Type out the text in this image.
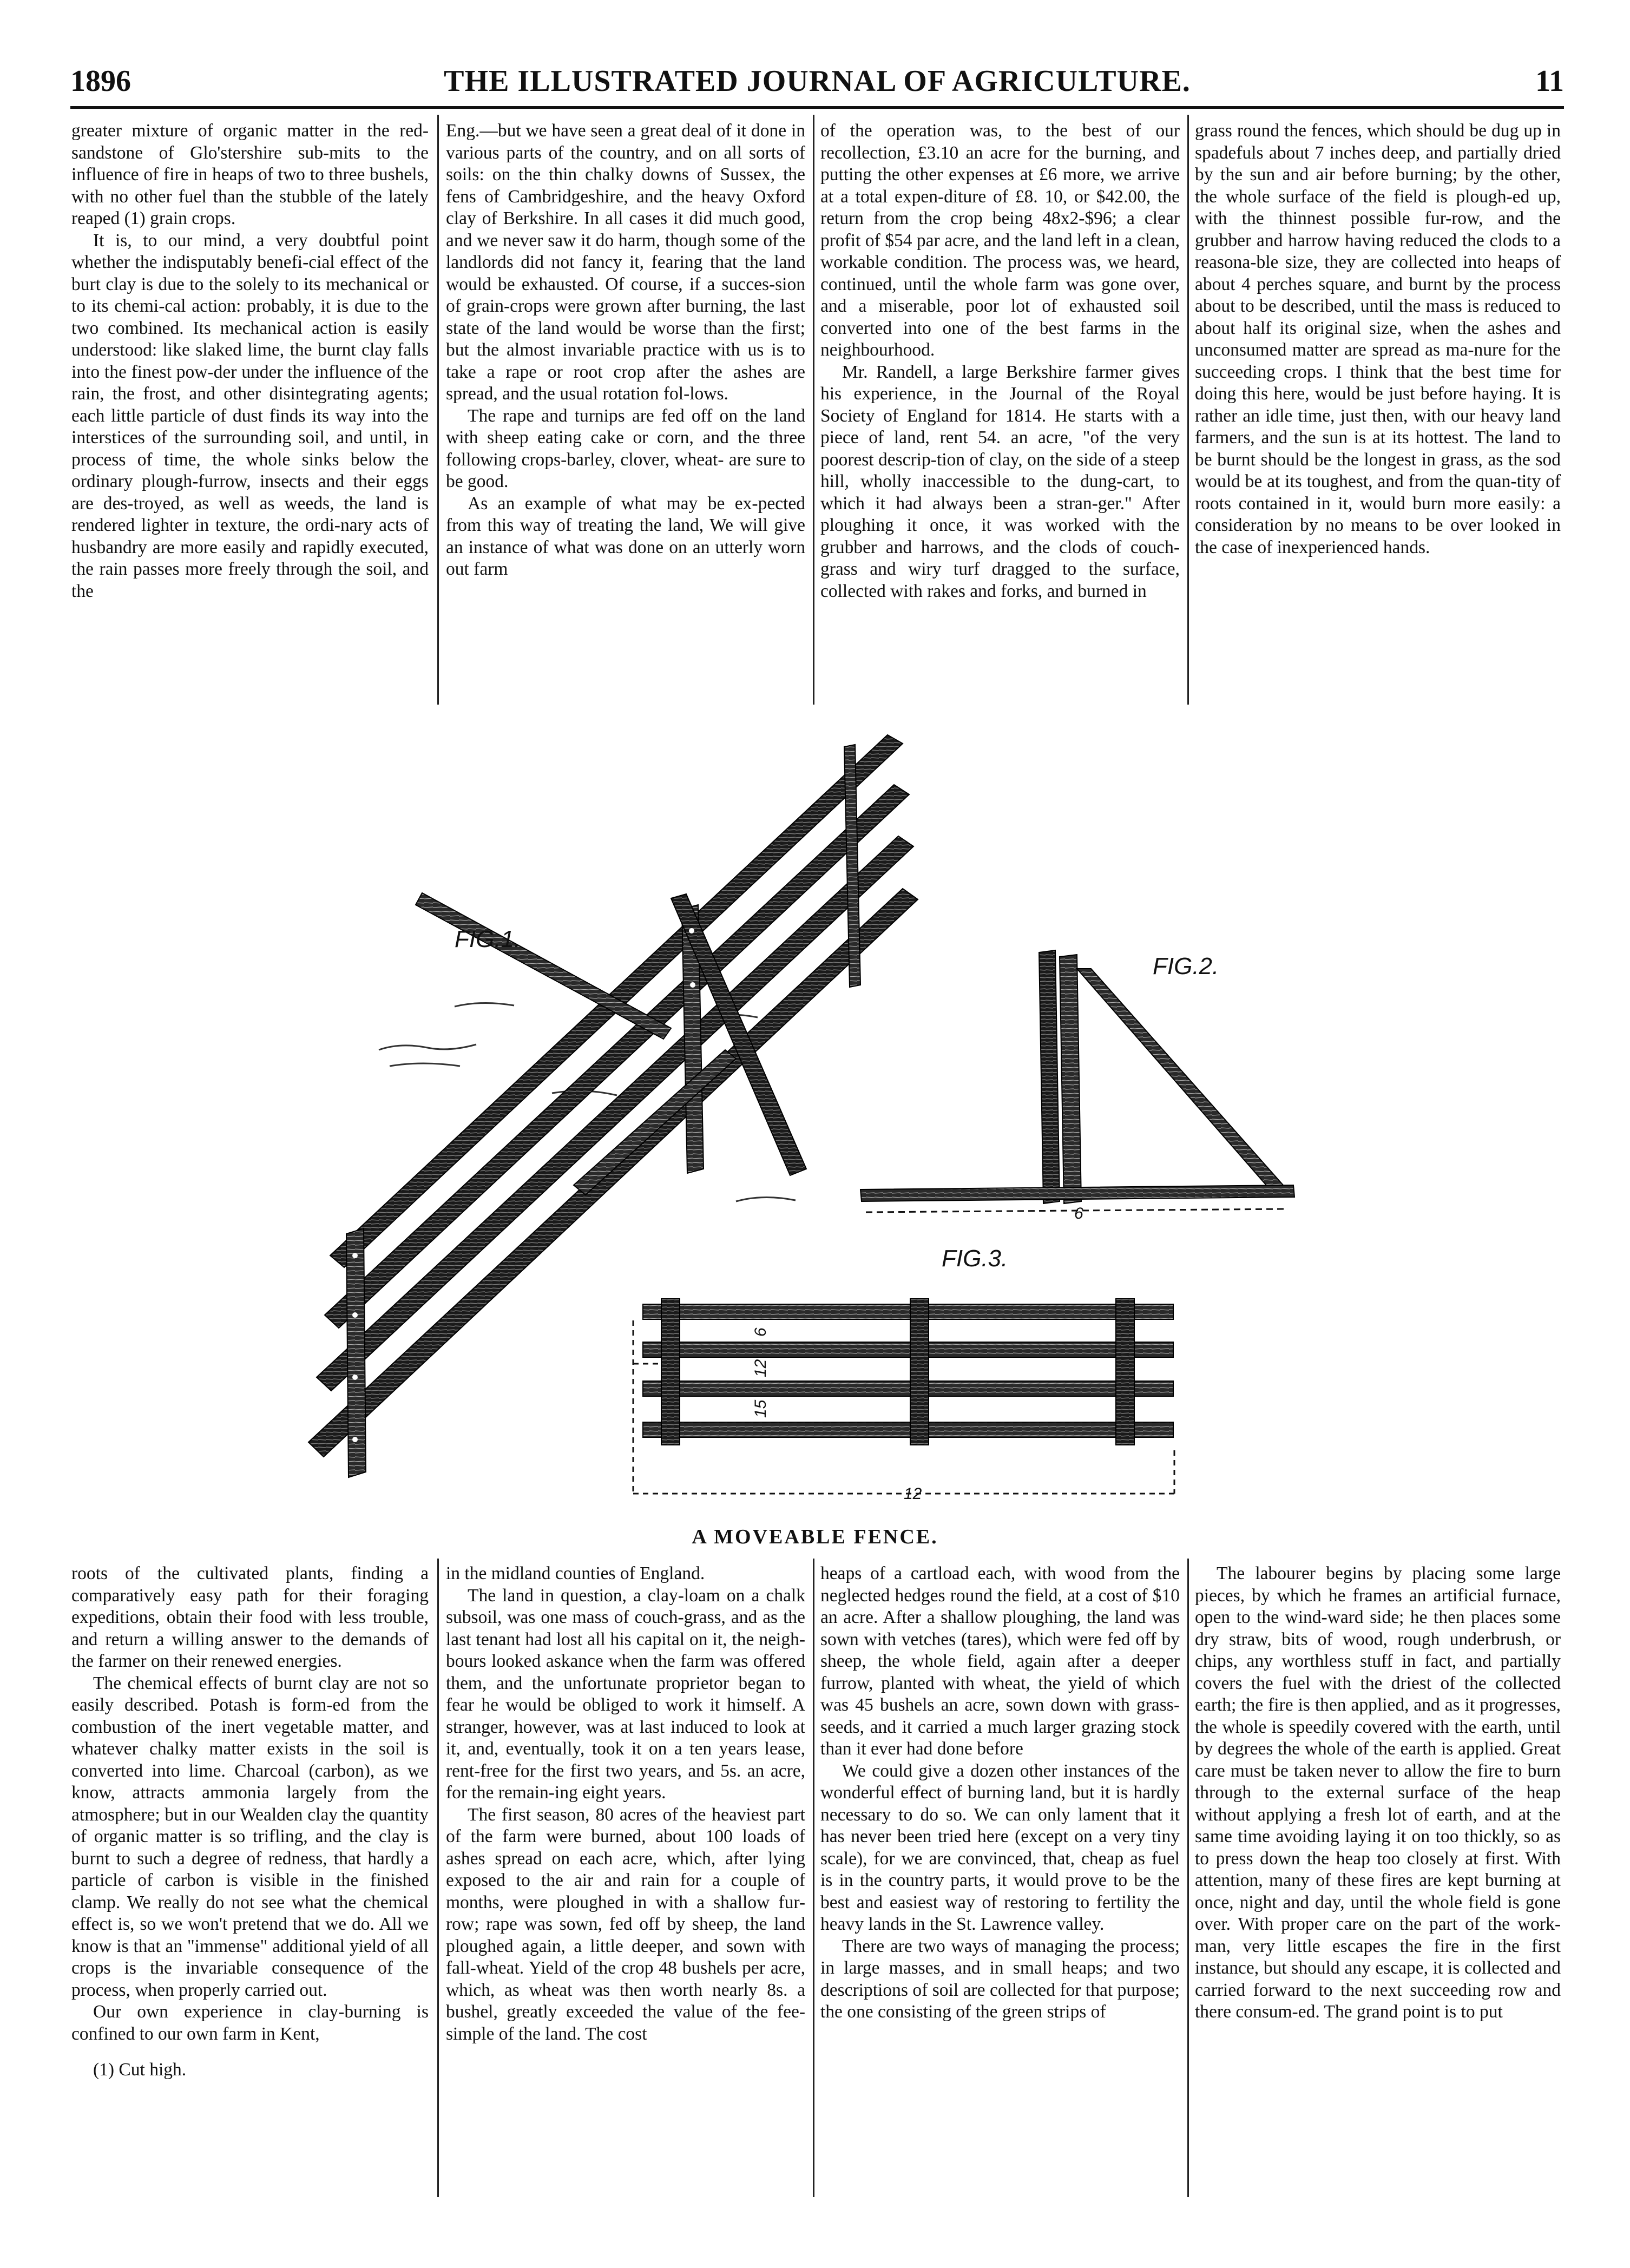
1896	THE ILLUSTRATED JOURNAL OF AGRICULTURE.	11

greater mixture of organic matter in the red-sandstone of Glo'stershire sub-mits to the influence of fire in heaps of two to three bushels, with no other fuel than the stubble of the lately reaped (1) grain crops.

It is, to our mind, a very doubtful point whether the indisputably benefi-cial effect of the burt clay is due to the solely to its mechanical or to its chemi-cal action: probably, it is due to the two combined. Its mechanical action is easily understood: like slaked lime, the burnt clay falls into the finest pow-der under the influence of the rain, the frost, and other disintegrating agents; each little particle of dust finds its way into the interstices of the surrounding soil, and until, in process of time, the whole sinks below the ordinary plough-furrow, insects and their eggs are des-troyed, as well as weeds, the land is rendered lighter in texture, the ordi-nary acts of husbandry are more easily and rapidly executed, the rain passes more freely through the soil, and the

Eng.—but we have seen a great deal of it done in various parts of the country, and on all sorts of soils: on the thin chalky downs of Sussex, the fens of Cambridgeshire, and the heavy Oxford clay of Berkshire. In all cases it did much good, and we never saw it do harm, though some of the landlords did not fancy it, fearing that the land would be exhausted. Of course, if a succes-sion of grain-crops were grown after burning, the last state of the land would be worse than the first; but the almost invariable practice with us is to take a rape or root crop after the ashes are spread, and the usual rotation fol-lows.

The rape and turnips are fed off on the land with sheep eating cake or corn, and the three following crops-barley, clover, wheat- are sure to be good.

As an example of what may be ex-pected from this way of treating the land, We will give an instance of what was done on an utterly worn out farm

of the operation was, to the best of our recollection, £3.10 an acre for the burning, and putting the other expenses at £6 more, we arrive at a total expen-diture of £8. 10, or $42.00, the return from the crop being 48x2-$96; a clear profit of $54 par acre, and the land left in a clean, workable condition. The process was, we heard, continued, until the whole farm was gone over, and a miserable, poor lot of exhausted soil converted into one of the best farms in the neighbourhood.

Mr. Randell, a large Berkshire farmer gives his experience, in the Journal of the Royal Society of England for 1814. He starts with a piece of land, rent 54. an acre, "of the very poorest descrip-tion of clay, on the side of a steep hill, wholly inaccessible to the dung-cart, to which it had always been a stran-ger." After ploughing it once, it was worked with the grubber and harrows, and the clods of couch-grass and wiry turf dragged to the surface, collected with rakes and forks, and burned in

grass round the fences, which should be dug up in spadefuls about 7 inches deep, and partially dried by the sun and air before burning; by the other, the whole surface of the field is plough-ed up, with the thinnest possible fur-row, and the grubber and harrow having reduced the clods to a reasona-ble size, they are collected into heaps of about 4 perches square, and burnt by the process about to be described, until the mass is reduced to about half its original size, when the ashes and unconsumed matter are spread as ma-nure for the succeeding crops. I think that the best time for doing this here, would be just before haying. It is rather an idle time, just then, with our heavy land farmers, and the sun is at its hottest. The land to be burnt should be the longest in grass, as the sod would be at its toughest, and from the quan-tity of roots contained in it, would burn more easily: a consideration by no means to be over looked in the case of inexperienced hands.

FIG.1.
FIG.2.
6
FIG.3.
12
6
12
15
A MOVEABLE FENCE.

roots of the cultivated plants, finding a comparatively easy path for their foraging expeditions, obtain their food with less trouble, and return a willing answer to the demands of the farmer on their renewed energies.

The chemical effects of burnt clay are not so easily described. Potash is form-ed from the combustion of the inert vegetable matter, and whatever chalky matter exists in the soil is converted into lime. Charcoal (carbon), as we know, attracts ammonia largely from the atmosphere; but in our Wealden clay the quantity of organic matter is so trifling, and the clay is burnt to such a degree of redness, that hardly a particle of carbon is visible in the finished clamp. We really do not see what the chemical effect is, so we won't pretend that we do. All we know is that an "immense" additional yield of all crops is the invariable consequence of the process, when properly carried out.

Our own experience in clay-burning is confined to our own farm in Kent,

(1) Cut high.

in the midland counties of England.

The land in question, a clay-loam on a chalk subsoil, was one mass of couch-grass, and as the last tenant had lost all his capital on it, the neigh-bours looked askance when the farm was offered them, and the unfortunate proprietor began to fear he would be obliged to work it himself. A stranger, however, was at last induced to look at it, and, eventually, took it on a ten years lease, rent-free for the first two years, and 5s. an acre, for the remain-ing eight years.

The first season, 80 acres of the heaviest part of the farm were burned, about 100 loads of ashes spread on each acre, which, after lying exposed to the air and rain for a couple of months, were ploughed in with a shallow fur-row; rape was sown, fed off by sheep, the land ploughed again, a little deeper, and sown with fall-wheat. Yield of the crop 48 bushels per acre, which, as wheat was then worth nearly 8s. a bushel, greatly exceeded the value of the fee-simple of the land. The cost

heaps of a cartload each, with wood from the neglected hedges round the field, at a cost of $10 an acre. After a shallow ploughing, the land was sown with vetches (tares), which were fed off by sheep, the whole field, again after a deeper furrow, planted with wheat, the yield of which was 45 bushels an acre, sown down with grass-seeds, and it carried a much larger grazing stock than it ever had done before

We could give a dozen other instances of the wonderful effect of burning land, but it is hardly necessary to do so. We can only lament that it has never been tried here (except on a very tiny scale), for we are convinced, that, cheap as fuel is in the country parts, it would prove to be the best and easiest way of restoring to fertility the heavy lands in the St. Lawrence valley.

There are two ways of managing the process; in large masses, and in small heaps; and two descriptions of soil are collected for that purpose; the one consisting of the green strips of

The labourer begins by placing some large pieces, by which he frames an artificial furnace, open to the wind-ward side; he then places some dry straw, bits of wood, rough underbrush, or chips, any worthless stuff in fact, and partially covers the fuel with the driest of the collected earth; the fire is then applied, and as it progresses, the whole is speedily covered with the earth, until by degrees the whole of the earth is applied. Great care must be taken never to allow the fire to burn through to the external surface of the heap without applying a fresh lot of earth, and at the same time avoiding laying it on too thickly, so as to press down the heap too closely at first. With attention, many of these fires are kept burning at once, night and day, until the whole field is gone over. With proper care on the part of the work-man, very little escapes the fire in the first instance, but should any escape, it is collected and carried forward to the next succeeding row and there consum-ed. The grand point is to put
